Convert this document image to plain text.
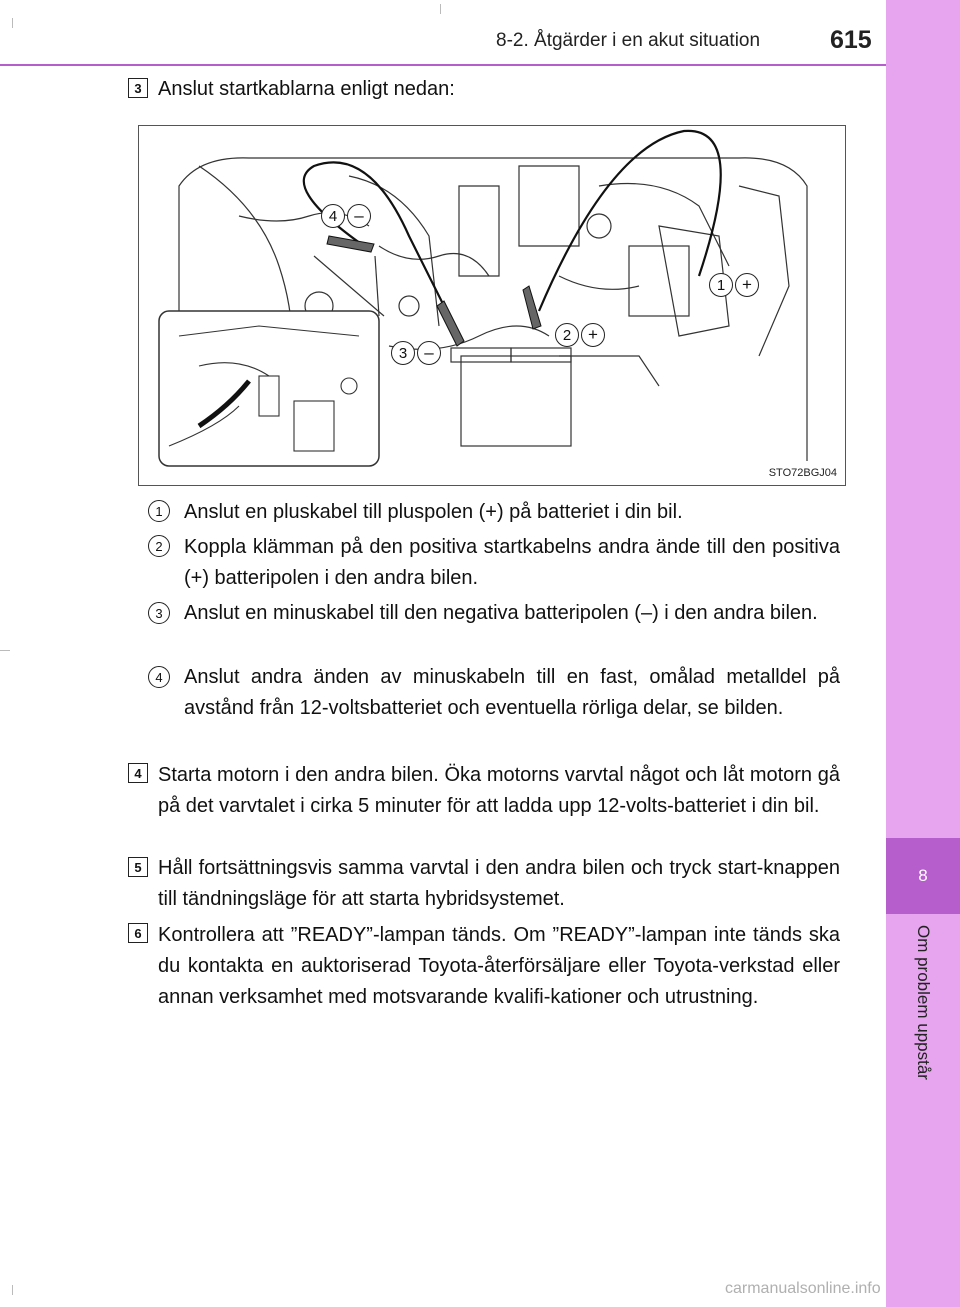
8
Om problem uppstår
8-2. Åtgärder i en akut situation	615
3 Anslut startkablarna enligt nedan:
4	–
1 +
2 +
3	–
STO72BGJ04
1	Anslut en pluskabel till pluspolen (+) på batteriet i din bil.
2	Koppla klämman på den positiva startkabelns andra ände till den positiva (+) batteripolen i den andra bilen.
3	Anslut en minuskabel till den negativa batteripolen (–) i den andra bilen.
4	Anslut andra änden av minuskabeln till en fast, omålad metalldel på avstånd från 12-voltsbatteriet och eventuella rörliga delar, se bilden.
4 Starta motorn i den andra bilen. Öka motorns varvtal något och låt motorn gå på det varvtalet i cirka 5 minuter för att ladda upp 12-volts-batteriet i din bil.
5 Håll fortsättningsvis samma varvtal i den andra bilen och tryck start-knappen till tändningsläge för att starta hybridsystemet.
6 Kontrollera att ”READY”-lampan tänds. Om ”READY”-lampan inte tänds ska du kontakta en auktoriserad Toyota-återförsäljare eller Toyota-verkstad eller annan verksamhet med motsvarande kvalifi-kationer och utrustning.
carmanualsonline.info
